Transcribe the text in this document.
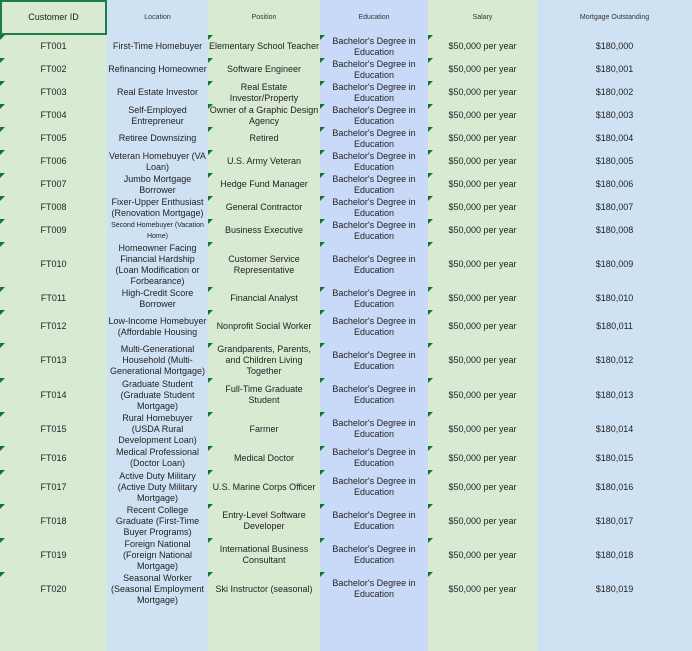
Customer ID	Location	Position	Education	Salary	Mortgage Outstanding
FT001	First-Time Homebuyer	Elementary School Teacher	Bachelor's Degree in Education	$50,000 per year	$180,000
FT002	Refinancing Homeowner	Software Engineer	Bachelor's Degree in Education	$50,000 per year	$180,001
FT003	Real Estate Investor	Real Estate Investor/Property	Bachelor's Degree in Education	$50,000 per year	$180,002
FT004	Self-Employed Entrepreneur	Owner of a Graphic Design Agency	Bachelor's Degree in Education	$50,000 per year	$180,003
FT005	Retiree Downsizing	Retired	Bachelor's Degree in Education	$50,000 per year	$180,004
FT006	Veteran Homebuyer (VA Loan)	U.S. Army Veteran	Bachelor's Degree in Education	$50,000 per year	$180,005
FT007	Jumbo Mortgage Borrower	Hedge Fund Manager	Bachelor's Degree in Education	$50,000 per year	$180,006
FT008	Fixer-Upper Enthusiast (Renovation Mortgage)	General Contractor	Bachelor's Degree in Education	$50,000 per year	$180,007
FT009	Second Homebuyer (Vacation Home)	Business Executive	Bachelor's Degree in Education	$50,000 per year	$180,008
FT010	Homeowner Facing Financial Hardship (Loan Modification or Forbearance)	Customer Service Representative	Bachelor's Degree in Education	$50,000 per year	$180,009
FT011	High-Credit Score Borrower	Financial Analyst	Bachelor's Degree in Education	$50,000 per year	$180,010
FT012	Low-Income Homebuyer (Affordable Housing	Nonprofit Social Worker	Bachelor's Degree in Education	$50,000 per year	$180,011
FT013	Multi-Generational Household (Multi-Generational Mortgage)	Grandparents, Parents, and Children Living Together	Bachelor's Degree in Education	$50,000 per year	$180,012
FT014	Graduate Student (Graduate Student Mortgage)	Full-Time Graduate Student	Bachelor's Degree in Education	$50,000 per year	$180,013
FT015	Rural Homebuyer (USDA Rural Development Loan)	Farmer	Bachelor's Degree in Education	$50,000 per year	$180,014
FT016	Medical Professional (Doctor Loan)	Medical Doctor	Bachelor's Degree in Education	$50,000 per year	$180,015
FT017	Active Duty Military (Active Duty Military Mortgage)	U.S. Marine Corps Officer	Bachelor's Degree in Education	$50,000 per year	$180,016
FT018	Recent College Graduate (First-Time Buyer Programs)	Entry-Level Software Developer	Bachelor's Degree in Education	$50,000 per year	$180,017
FT019	Foreign National (Foreign National Mortgage)	International Business Consultant	Bachelor's Degree in Education	$50,000 per year	$180,018
FT020	Seasonal Worker (Seasonal Employment Mortgage)	Ski Instructor (seasonal)	Bachelor's Degree in Education	$50,000 per year	$180,019
